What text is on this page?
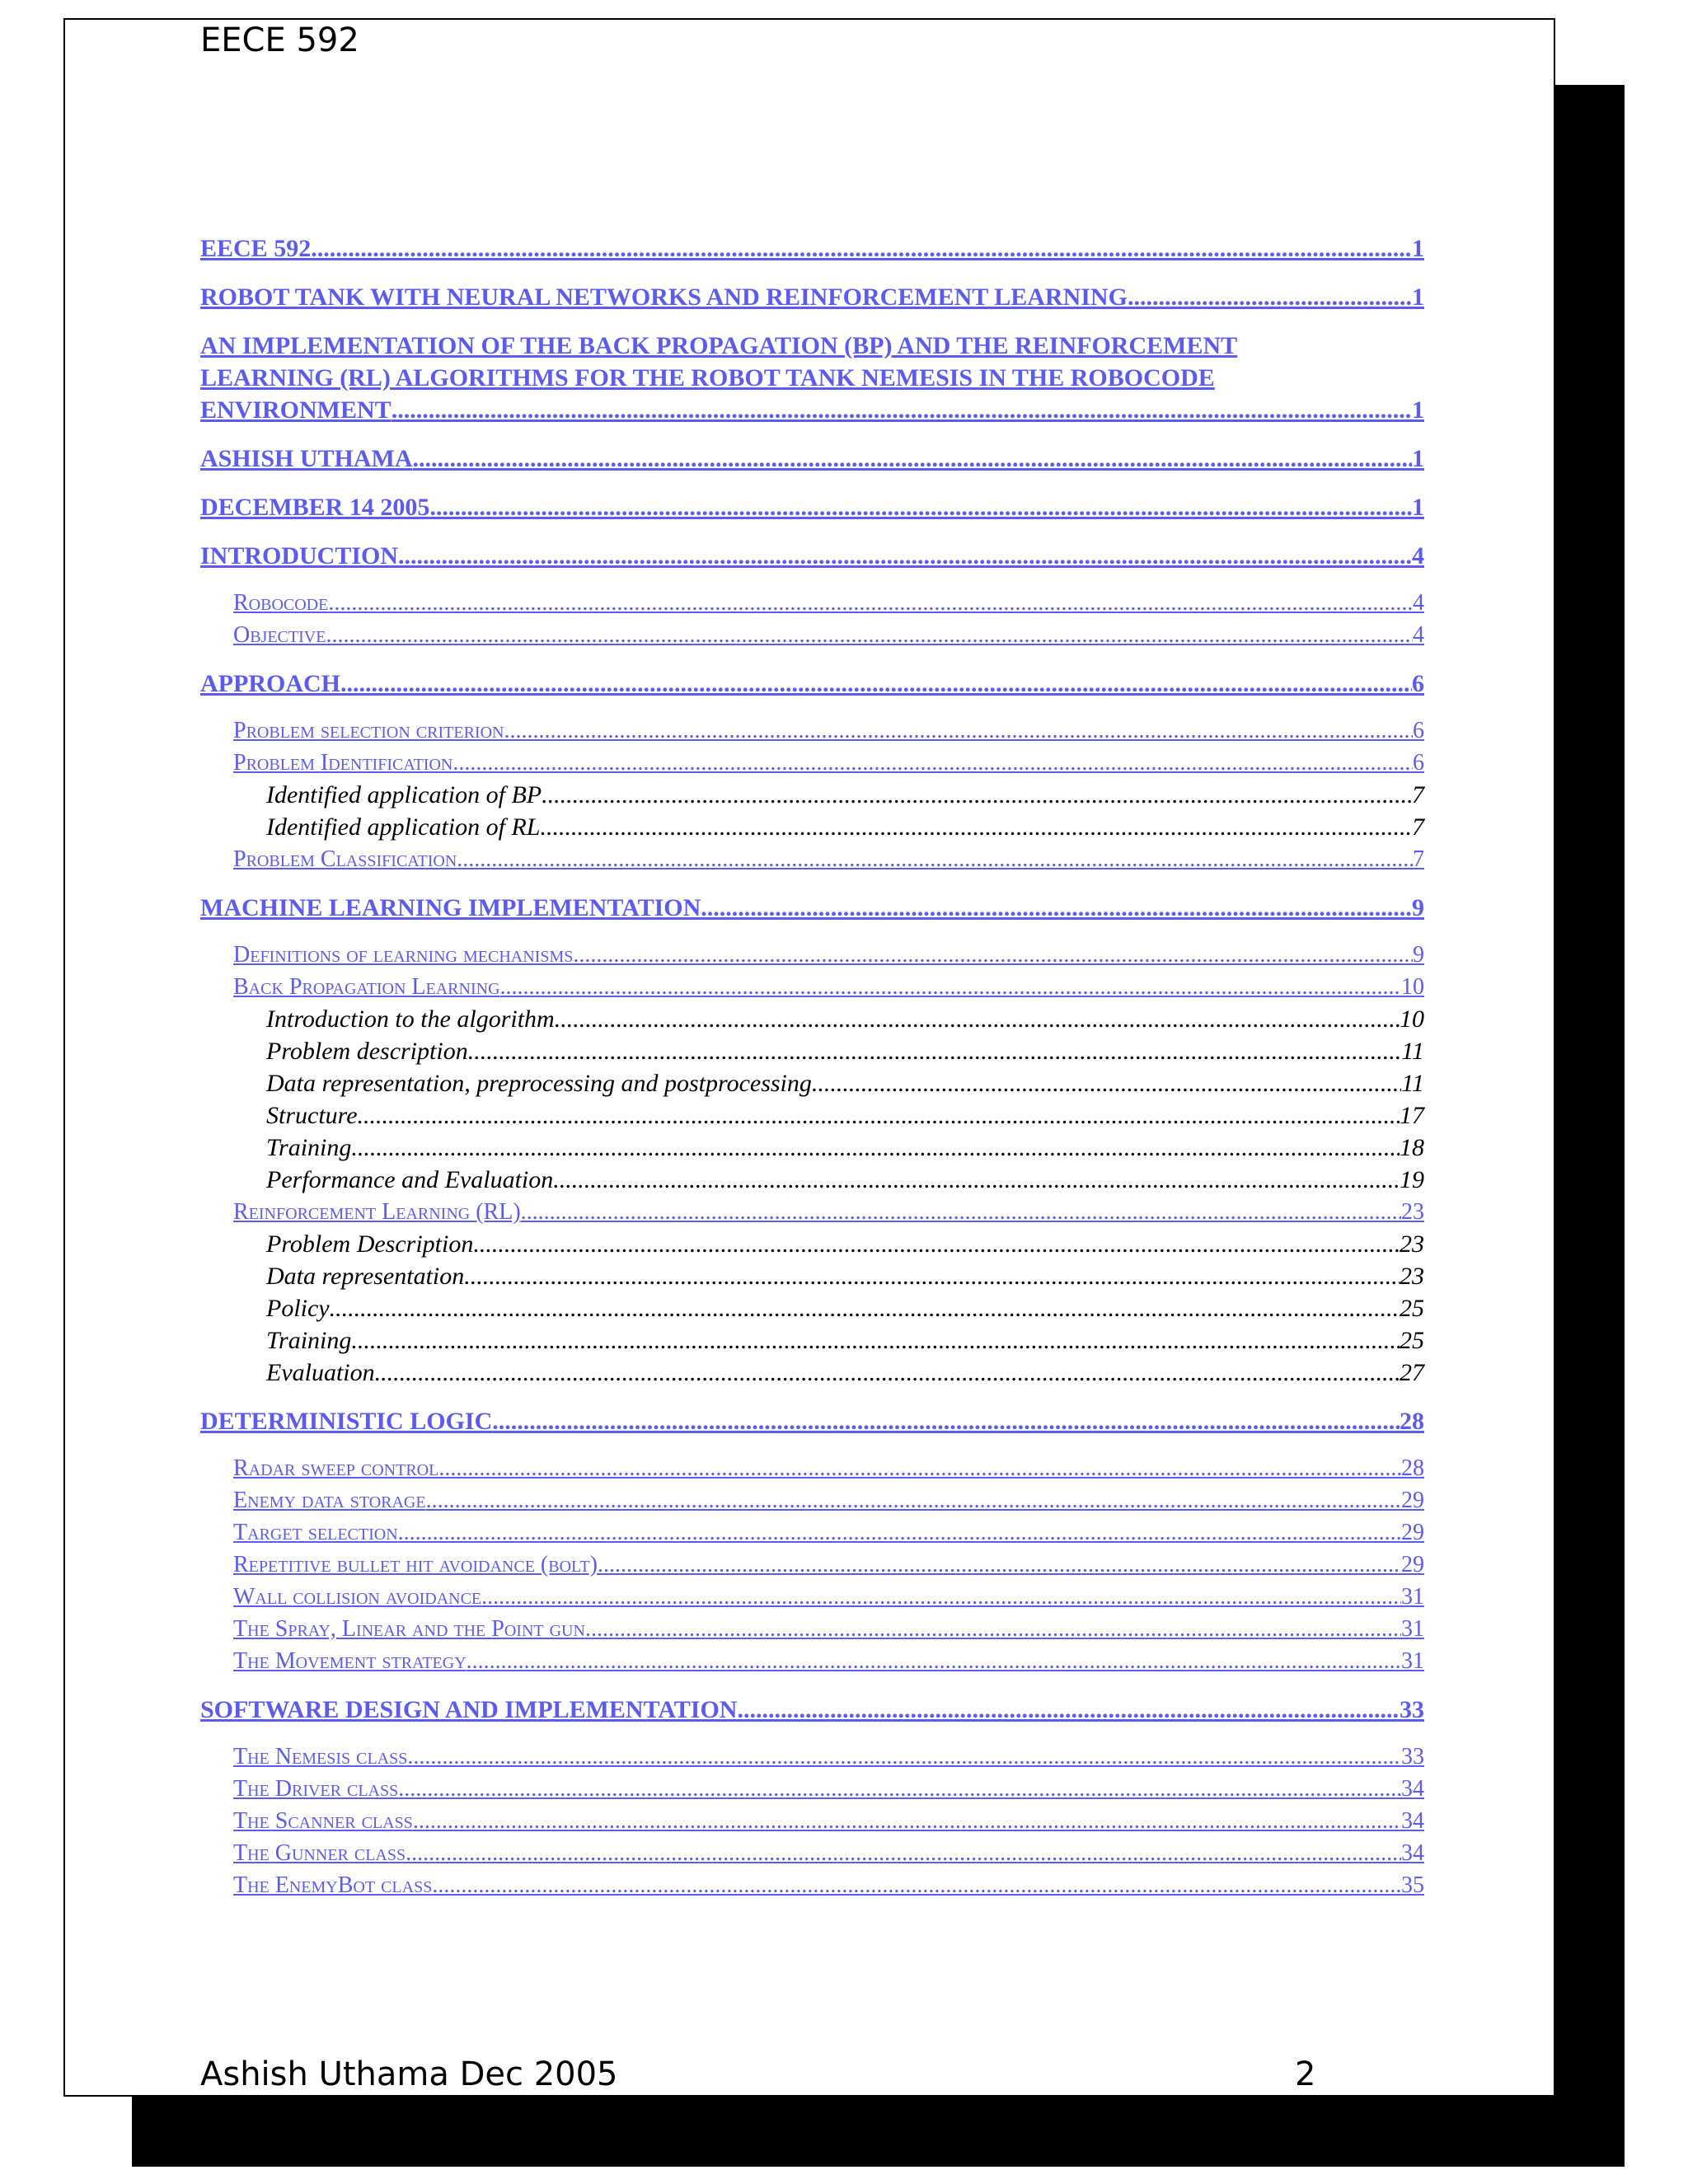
EECE 592
EECE 592 .....	1
ROBOT TANK WITH NEURAL NETWORKS AND REINFORCEMENT LEARNING .....	1
AN IMPLEMENTATION OF THE BACK PROPAGATION (BP) AND THE REINFORCEMENT
LEARNING (RL) ALGORITHMS FOR THE ROBOT TANK NEMESIS IN THE ROBOCODE
ENVIRONMENT .....	1
ASHISH UTHAMA .....	1
DECEMBER 14 2005 .....	1
INTRODUCTION .....	4
Robocode .....	4
Objective .....	4
APPROACH .....	6
Problem selection criterion .....	6
Problem Identification .....	6
Identified application of BP .....	7
Identified application of RL .....	7
Problem Classification .....	7
MACHINE LEARNING IMPLEMENTATION .....	9
Definitions of learning mechanisms .....	9
Back Propagation Learning .....	10
Introduction to the algorithm .....	10
Problem description .....	11
Data representation, preprocessing and postprocessing .....	11
Structure .....	17
Training .....	18
Performance and Evaluation .....	19
Reinforcement Learning (RL) .....	23
Problem Description .....	23
Data representation .....	23
Policy .....	25
Training .....	25
Evaluation .....	27
DETERMINISTIC LOGIC .....	28
Radar sweep control .....	28
Enemy data storage .....	29
Target selection .....	29
Repetitive bullet hit avoidance (bolt) .....	29
Wall collision avoidance .....	31
The Spray, Linear and the Point gun .....	31
The Movement strategy .....	31
SOFTWARE DESIGN AND IMPLEMENTATION .....	33
The Nemesis class .....	33
The Driver class .....	34
The Scanner class .....	34
The Gunner class .....	34
The EnemyBot class .....	35
Ashish Uthama Dec 2005	2
